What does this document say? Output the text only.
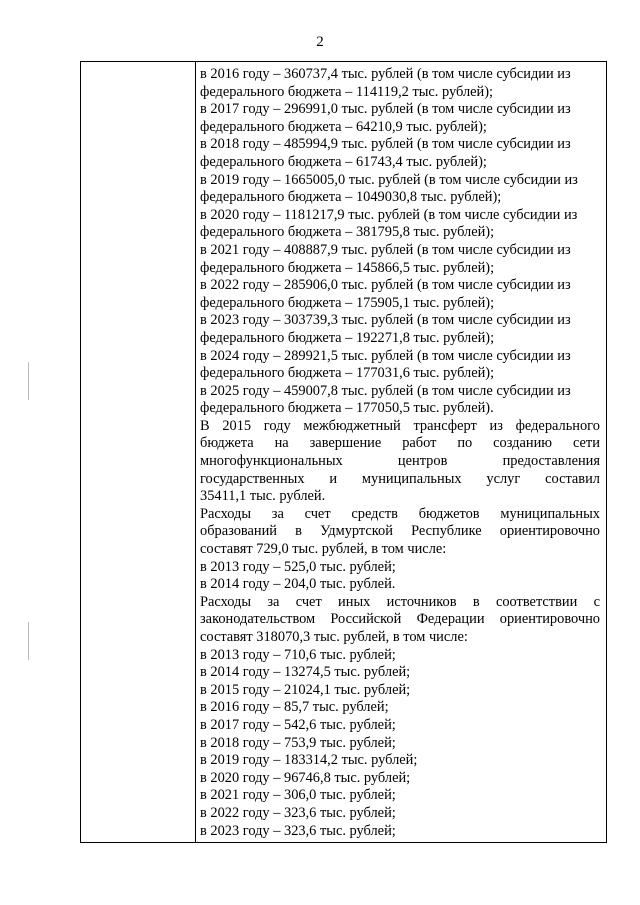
2
в 2016 году – 360737,4 тыс. рублей (в том числе субсидии из
федерального бюджета – 114119,2 тыс. рублей);
в 2017 году – 296991,0 тыс. рублей (в том числе субсидии из
федерального бюджета – 64210,9 тыс. рублей);
в 2018 году – 485994,9 тыс. рублей (в том числе субсидии из
федерального бюджета – 61743,4 тыс. рублей);
в 2019 году – 1665005,0 тыс. рублей (в том числе субсидии из
федерального бюджета – 1049030,8 тыс. рублей);
в 2020 году – 1181217,9 тыс. рублей (в том числе субсидии из
федерального бюджета – 381795,8 тыс. рублей);
в 2021 году – 408887,9 тыс. рублей (в том числе субсидии из
федерального бюджета – 145866,5 тыс. рублей);
в 2022 году – 285906,0 тыс. рублей (в том числе субсидии из
федерального бюджета – 175905,1 тыс. рублей);
в 2023 году – 303739,3 тыс. рублей (в том числе субсидии из
федерального бюджета – 192271,8 тыс. рублей);
в 2024 году – 289921,5 тыс. рублей (в том числе субсидии из
федерального бюджета – 177031,6 тыс. рублей);
в 2025 году – 459007,8 тыс. рублей (в том числе субсидии из
федерального бюджета – 177050,5 тыс. рублей).
В 2015 году межбюджетный трансферт из федерального
бюджета на завершение работ по созданию сети
многофункциональных	центров	предоставления
государственных и муниципальных услуг составил
35411,1 тыс. рублей.
Расходы за счет средств бюджетов муниципальных
образований в Удмуртской Республике ориентировочно
составят 729,0 тыс. рублей, в том числе:
в 2013 году – 525,0 тыс. рублей;
в 2014 году – 204,0 тыс. рублей.
Расходы за счет иных источников в соответствии с
законодательством Российской Федерации ориентировочно
составят 318070,3 тыс. рублей, в том числе:
в 2013 году – 710,6 тыс. рублей;
в 2014 году – 13274,5 тыс. рублей;
в 2015 году – 21024,1 тыс. рублей;
в 2016 году – 85,7 тыс. рублей;
в 2017 году – 542,6 тыс. рублей;
в 2018 году – 753,9 тыс. рублей;
в 2019 году – 183314,2 тыс. рублей;
в 2020 году – 96746,8 тыс. рублей;
в 2021 году – 306,0 тыс. рублей;
в 2022 году – 323,6 тыс. рублей;
в 2023 году – 323,6 тыс. рублей;
